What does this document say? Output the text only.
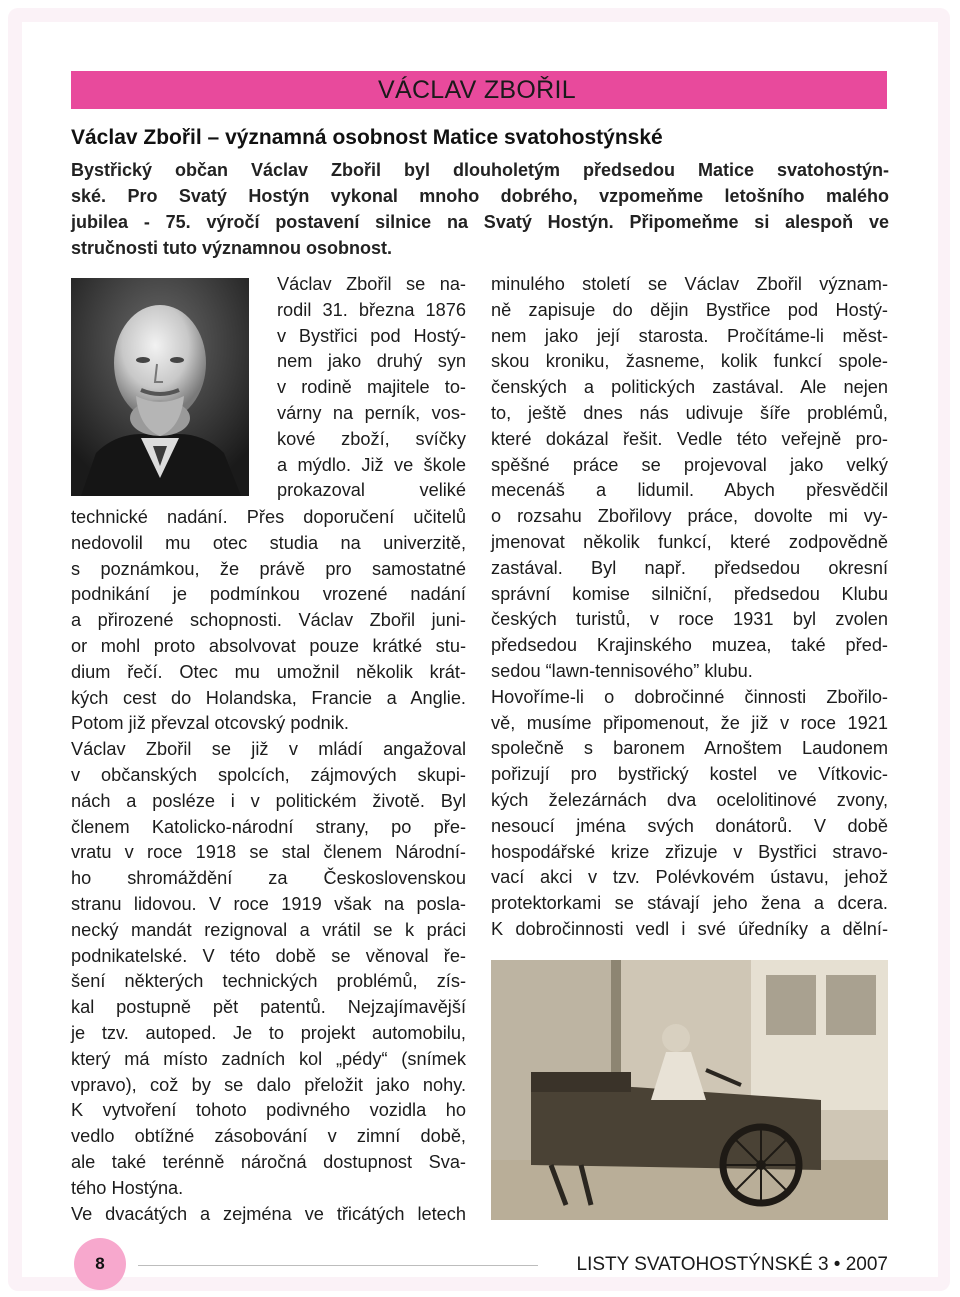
VÁCLAV ZBOŘIL
Václav Zbořil – významná osobnost Matice svatohostýnské
Bystřický občan Václav Zbořil byl dlouholetým předsedou Matice svatohostýn-
ské. Pro Svatý Hostýn vykonal mnoho dobrého, vzpomeňme letošního malého
jubilea - 75. výročí postavení silnice na Svatý Hostýn. Připomeňme si alespoň ve
stručnosti tuto významnou osobnost.
Václav Zbořil se na-
rodil 31. března 1876
v Bystřici pod Hostý-
nem jako druhý syn
v rodině majitele to-
várny na perník, vos-
kové zboží, svíčky
a mýdlo. Již ve škole
prokazoval veliké
technické nadání. Přes doporučení učitelů
nedovolil mu otec studia na univerzitě,
s poznámkou, že právě pro samostatné
podnikání je podmínkou vrozené nadání
a přirozené schopnosti. Václav Zbořil juni-
or mohl proto absolvovat pouze krátké stu-
dium řečí. Otec mu umožnil několik krát-
kých cest do Holandska, Francie a Anglie.
Potom již převzal otcovský podnik.
Václav Zbořil se již v mládí angažoval
v občanských spolcích, zájmových skupi-
nách a posléze i v politickém životě. Byl
členem Katolicko-národní strany, po pře-
vratu v roce 1918 se stal členem Národní-
ho shromáždění za Československou
stranu lidovou. V roce 1919 však na posla-
necký mandát rezignoval a vrátil se k práci
podnikatelské. V této době se věnoval ře-
šení některých technických problémů, zís-
kal postupně pět patentů. Nejzajímavější
je tzv. autoped. Je to projekt automobilu,
který má místo zadních kol „pédy“ (snímek
vpravo), což by se dalo přeložit jako nohy.
K vytvoření tohoto podivného vozidla ho
vedlo obtížné zásobování v zimní době,
ale také terénně náročná dostupnost Sva-
tého Hostýna.
Ve dvacátých a zejména ve třicátých letech
minulého století se Václav Zbořil význam-
ně zapisuje do dějin Bystřice pod Hostý-
nem jako její starosta. Pročítáme-li měst-
skou kroniku, žasneme, kolik funkcí spole-
čenských a politických zastával. Ale nejen
to, ještě dnes nás udivuje šíře problémů,
které dokázal řešit. Vedle této veřejně pro-
spěšné práce se projevoval jako velký
mecenáš a lidumil. Abych přesvědčil
o rozsahu Zbořilovy práce, dovolte mi vy-
jmenovat několik funkcí, které zodpovědně
zastával. Byl např. předsedou okresní
správní komise silniční, předsedou Klubu
českých turistů, v roce 1931 byl zvolen
předsedou Krajinského muzea, také před-
sedou “lawn-tennisového” klubu.
Hovoříme-li o dobročinné činnosti Zbořilo-
vě, musíme připomenout, že již v roce 1921
společně s baronem Arnoštem Laudonem
pořizují pro bystřický kostel ve Vítkovic-
kých železárnách dva ocelolitinové zvony,
nesoucí jména svých donátorů. V době
hospodářské krize zřizuje v Bystřici stravo-
vací akci v tzv. Polévkovém ústavu, jehož
protektorkami se stávají jeho žena a dcera.
K dobročinnosti vedl i své úředníky a dělní-
8	LISTY SVATOHOSTÝNSKÉ 3 • 2007
